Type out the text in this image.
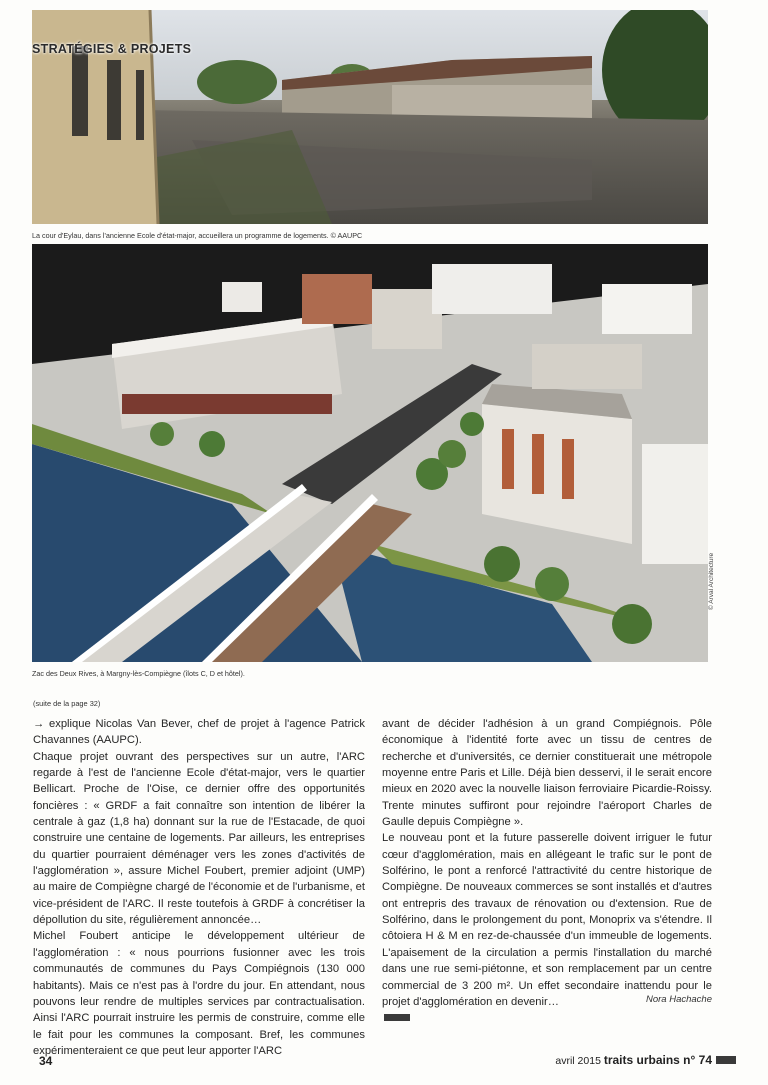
STRATÉGIES & PROJETS
La cour d'Eylau, dans l'ancienne Ecole d'état-major, accueillera un programme de logements. © AAUPC
© Arval Architecture
Zac des Deux Rives, à Margny-lès-Compiègne (îlots C, D et hôtel).
(suite de la page 32)

→ explique Nicolas Van Bever, chef de projet à l'agence Patrick Chavannes (AAUPC).

Chaque projet ouvrant des perspectives sur un autre, l'ARC regarde à l'est de l'ancienne Ecole d'état-major, vers le quartier Bellicart. Proche de l'Oise, ce dernier offre des opportunités foncières : « GRDF a fait connaître son intention de libérer la centrale à gaz (1,8 ha) donnant sur la rue de l'Estacade, de quoi construire une centaine de logements. Par ailleurs, les entreprises du quartier pourraient déménager vers les zones d'activités de l'agglomération », assure Michel Foubert, premier adjoint (UMP) au maire de Compiègne chargé de l'économie et de l'urbanisme, et vice-président de l'ARC. Il reste toutefois à GRDF à concrétiser la dépollution du site, régulièrement annoncée…

Michel Foubert anticipe le développement ultérieur de l'agglomération : « nous pourrions fusionner avec les trois communautés de communes du Pays Compiégnois (130 000 habitants). Mais ce n'est pas à l'ordre du jour. En attendant, nous pouvons leur rendre de multiples services par contractualisation. Ainsi l'ARC pourrait instruire les permis de construire, comme elle le fait pour les communes la composant. Bref, les communes expérimenteraient ce que peut leur apporter l'ARC

avant de décider l'adhésion à un grand Compiégnois. Pôle économique à l'identité forte avec un tissu de centres de recherche et d'universités, ce dernier constituerait une métropole moyenne entre Paris et Lille. Déjà bien desservi, il le serait encore mieux en 2020 avec la nouvelle liaison ferroviaire Picardie-Roissy. Trente minutes suffiront pour rejoindre l'aéroport Charles de Gaulle depuis Compiègne ».

Le nouveau pont et la future passerelle doivent irriguer le futur cœur d'agglomération, mais en allégeant le trafic sur le pont de Solférino, le pont a renforcé l'attractivité du centre historique de Compiègne. De nouveaux commerces se sont installés et d'autres ont entrepris des travaux de rénovation ou d'extension. Rue de Solférino, dans le prolongement du pont, Monoprix va s'étendre. Il côtoiera H & M en rez-de-chaussée d'un immeuble de logements. L'apaisement de la circulation a permis l'installation du marché dans une rue semi-piétonne, et son remplacement par un centre commercial de 3 200 m². Un effet secondaire inattendu pour le projet d'agglomération en devenir…	Nora Hachache
34	avril 2015 traits urbains n° 74
